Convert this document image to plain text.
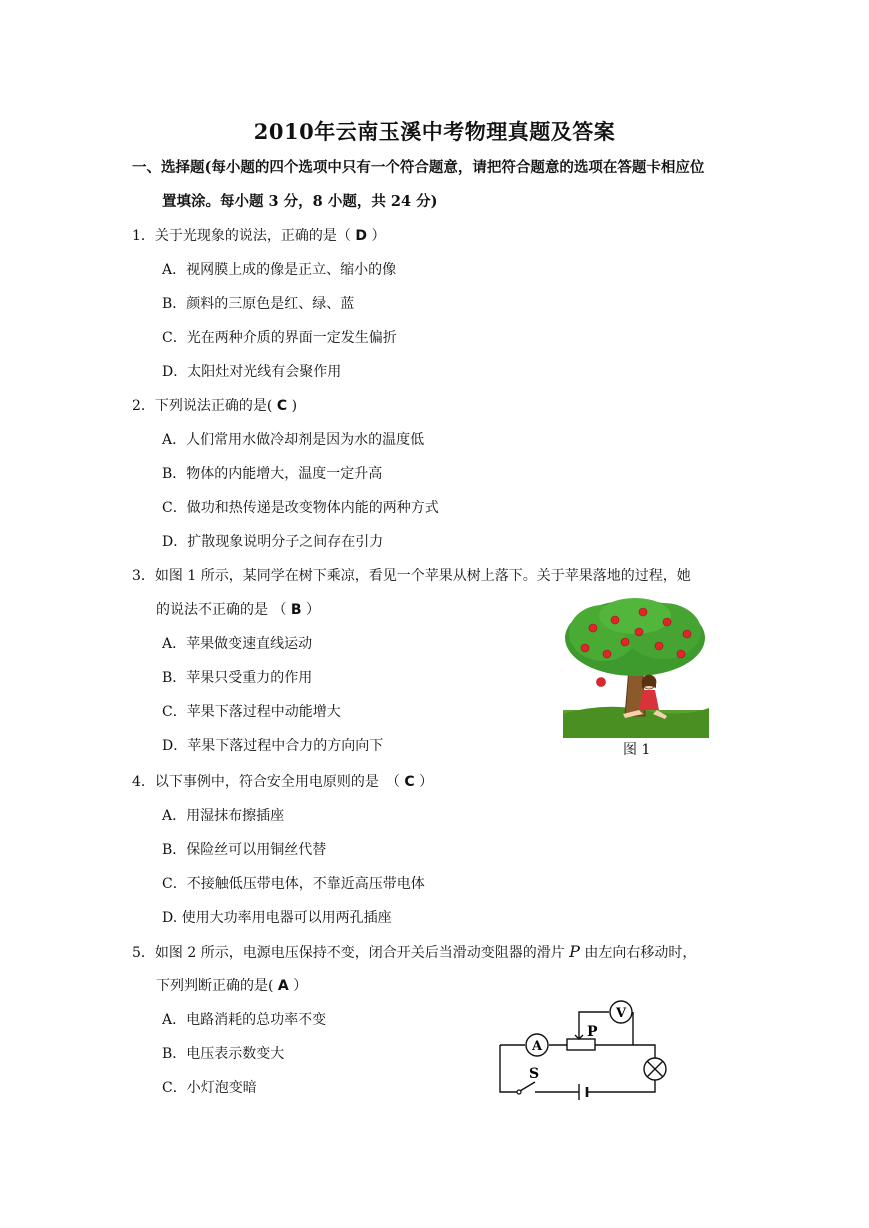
2010年云南玉溪中考物理真题及答案
一、选择题(每小题的四个选项中只有一个符合题意，请把符合题意的选项在答题卡相应位
置填涂。每小题 3 分，8 小题，共 24 分)
1．关于光现象的说法，正确的是（ D ）
A．视网膜上成的像是正立、缩小的像
B．颜料的三原色是红、绿、蓝
C．光在两种介质的界面一定发生偏折
D．太阳灶对光线有会聚作用
2．下列说法正确的是( C )
A．人们常用水做冷却剂是因为水的温度低
B．物体的内能增大，温度一定升高
C．做功和热传递是改变物体内能的两种方式
D．扩散现象说明分子之间存在引力
3．如图 1 所示，某同学在树下乘凉，看见一个苹果从树上落下。关于苹果落地的过程，她
的说法不正确的是 （ B ）
A．苹果做变速直线运动
B．苹果只受重力的作用
C．苹果下落过程中动能增大
D．苹果下落过程中合力的方向向下	图 1
4．以下事例中，符合安全用电原则的是　（ C ）
A．用湿抹布擦插座
B．保险丝可以用铜丝代替
C．不接触低压带电体，不靠近高压带电体
D. 使用大功率用电器可以用两孔插座
5．如图 2 所示，电源电压保持不变，闭合开关后当滑动变阻器的滑片 P 由左向右移动时，
下列判断正确的是( A ）
A．电路消耗的总功率不变
B．电压表示数变大
C．小灯泡变暗
A
P
V
S
